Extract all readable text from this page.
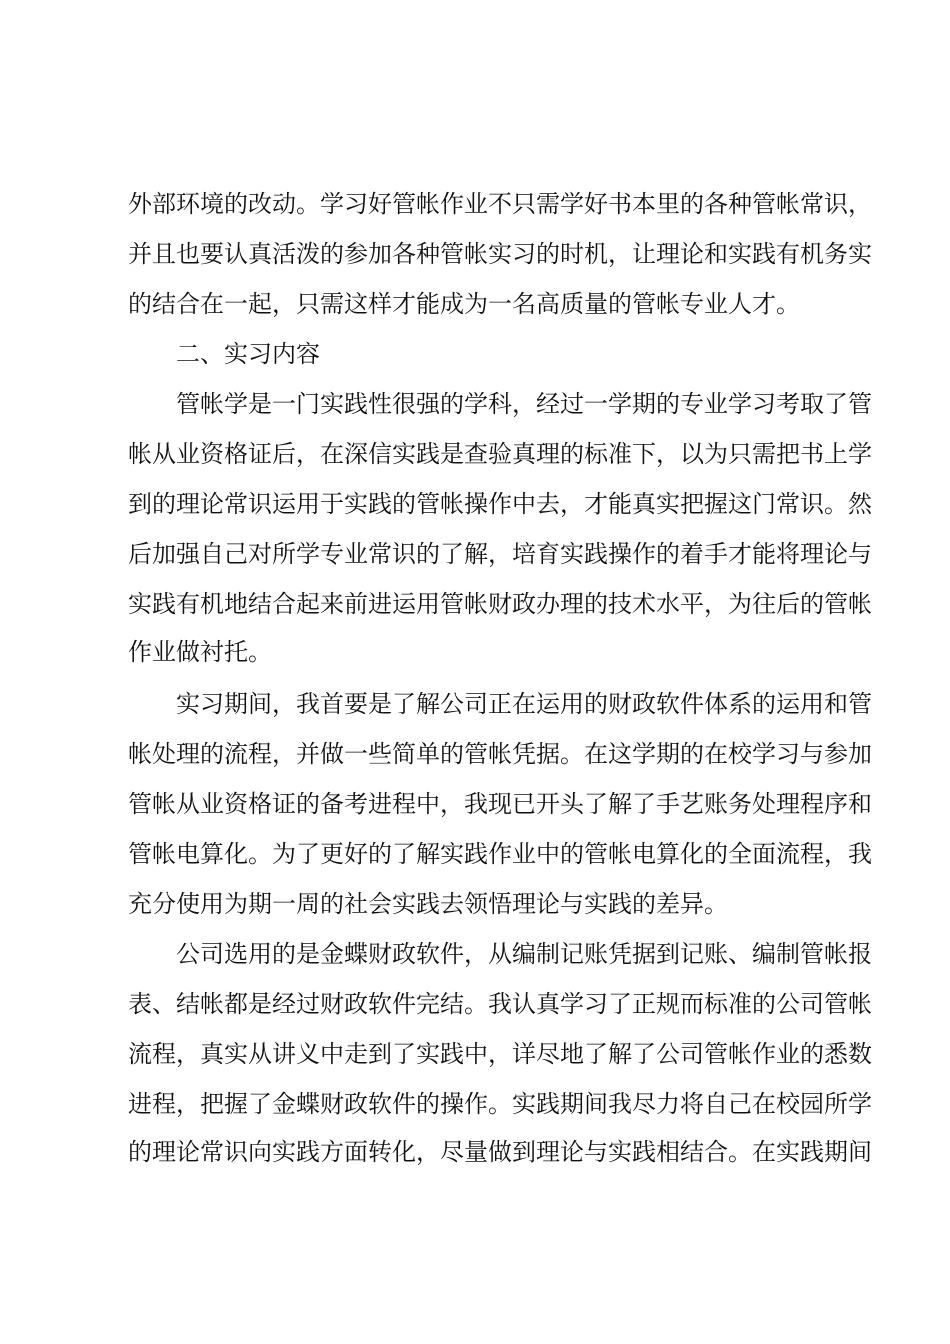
外部环境的改动。学习好管帐作业不只需学好书本里的各种管帐常识，
并且也要认真活泼的参加各种管帐实习的时机，让理论和实践有机务实
的结合在一起，只需这样才能成为一名高质量的管帐专业人才。
二、实习内容
管帐学是一门实践性很强的学科，经过一学期的专业学习考取了管
帐从业资格证后，在深信实践是查验真理的标准下，以为只需把书上学
到的理论常识运用于实践的管帐操作中去，才能真实把握这门常识。然
后加强自己对所学专业常识的了解，培育实践操作的着手才能将理论与
实践有机地结合起来前进运用管帐财政办理的技术水平，为往后的管帐
作业做衬托。
实习期间，我首要是了解公司正在运用的财政软件体系的运用和管
帐处理的流程，并做一些简单的管帐凭据。在这学期的在校学习与参加
管帐从业资格证的备考进程中，我现已开头了解了手艺账务处理程序和
管帐电算化。为了更好的了解实践作业中的管帐电算化的全面流程，我
充分使用为期一周的社会实践去领悟理论与实践的差异。
公司选用的是金蝶财政软件，从编制记账凭据到记账、编制管帐报
表、结帐都是经过财政软件完结。我认真学习了正规而标准的公司管帐
流程，真实从讲义中走到了实践中，详尽地了解了公司管帐作业的悉数
进程，把握了金蝶财政软件的操作。实践期间我尽力将自己在校园所学
的理论常识向实践方面转化，尽量做到理论与实践相结合。在实践期间
